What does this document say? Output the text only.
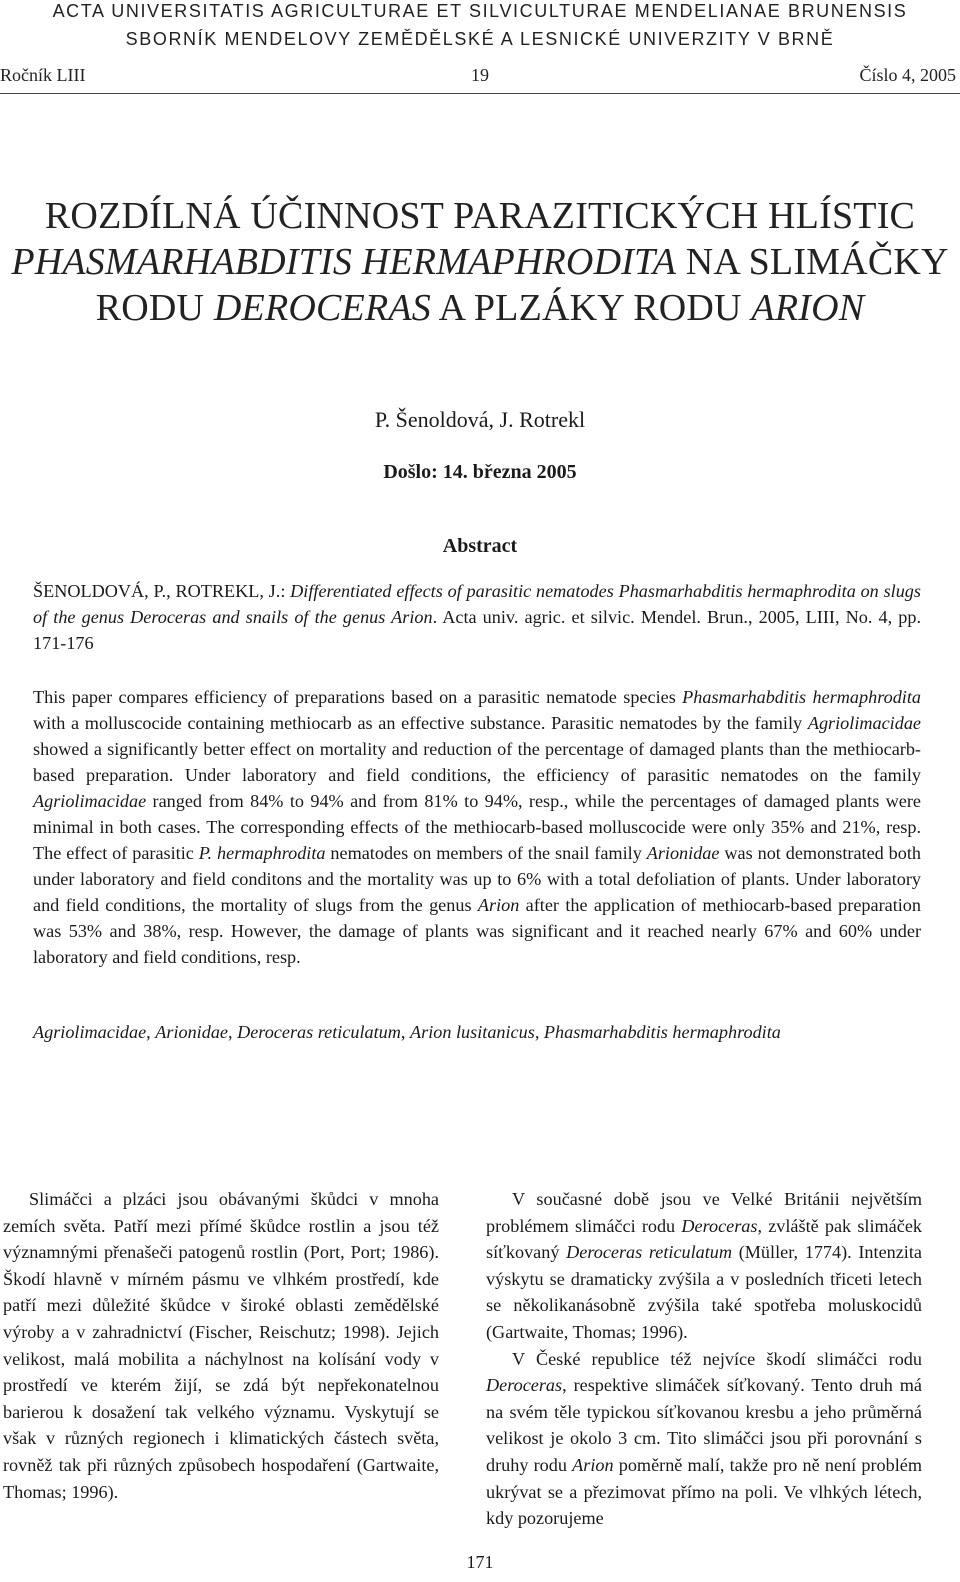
ACTA UNIVERSITATIS AGRICULTURAE ET SILVICULTURAE MENDELIANAE BRUNENSIS
SBORNÍK MENDELOVY ZEMĚDĚLSKÉ A LESNICKÉ UNIVERZITY V BRNĚ
Ročník LIII	19	Číslo 4, 2005
ROZDÍLNÁ ÚČINNOST PARAZITICKÝCH HLÍSTIC
PHASMARHABDITIS HERMAPHRODITA NA SLIMÁČKY
RODU DEROCERAS A PLZÁKY RODU ARION
P. Šenoldová, J. Rotrekl
Došlo: 14. března 2005
Abstract
ŠENOLDOVÁ, P., ROTREKL, J.: Differentiated effects of parasitic nematodes Phasmarhabditis hermaphrodita on slugs of the genus Deroceras and snails of the genus Arion. Acta univ. agric. et silvic. Mendel. Brun., 2005, LIII, No. 4, pp. 171-176
This paper compares efficiency of preparations based on a parasitic nematode species Phasmarhabditis hermaphrodita with a molluscocide containing methiocarb as an effective substance. Parasitic nematodes by the family Agriolimacidae showed a significantly better effect on mortality and reduction of the percentage of damaged plants than the methiocarb-based preparation. Under laboratory and field conditions, the efficiency of parasitic nematodes on the family Agriolimacidae ranged from 84% to 94% and from 81% to 94%, resp., while the percentages of damaged plants were minimal in both cases. The corresponding effects of the methiocarb-based molluscocide were only 35% and 21%, resp. The effect of parasitic P. hermaphrodita nematodes on members of the snail family Arionidae was not demonstrated both under laboratory and field conditons and the mortality was up to 6% with a total defoliation of plants. Under laboratory and field conditions, the mortality of slugs from the genus Arion after the application of methiocarb-based preparation was 53% and 38%, resp. However, the damage of plants was significant and it reached nearly 67% and 60% under laboratory and field conditions, resp.
Agriolimacidae, Arionidae, Deroceras reticulatum, Arion lusitanicus, Phasmarhabditis hermaphrodita

Slimáčci a plzáci jsou obávanými škůdci v mnoha zemích světa. Patří mezi přímé škůdce rostlin a jsou též významnými přenašeči patogenů rostlin (Port, Port; 1986). Škodí hlavně v mírném pásmu ve vlhkém prostředí, kde patří mezi důležité škůdce v široké oblasti zemědělské výroby a v zahradnictví (Fischer, Reischutz; 1998). Jejich velikost, malá mobilita a náchylnost na kolísání vody v prostředí ve kterém žijí, se zdá být nepřekonatelnou barierou k dosažení tak velkého významu. Vyskytují se však v různých regionech i klimatických částech světa, rovněž tak při různých způsobech hospodaření (Gartwaite, Thomas; 1996).

V současné době jsou ve Velké Británii největším problémem slimáčci rodu Deroceras, zvláště pak slimáček síťkovaný Deroceras reticulatum (Müller, 1774). Intenzita výskytu se dramaticky zvýšila a v posledních třiceti letech se několikanásobně zvýšila také spotřeba moluskocidů (Gartwaite, Thomas; 1996).

V České republice též nejvíce škodí slimáčci rodu Deroceras, respektive slimáček síťkovaný. Tento druh má na svém těle typickou síťkovanou kresbu a jeho průměrná velikost je okolo 3 cm. Tito slimáčci jsou při porovnání s druhy rodu Arion poměrně malí, takže pro ně není problém ukrývat se a přezimovat přímo na poli. Ve vlhkých létech, kdy pozorujeme

171
